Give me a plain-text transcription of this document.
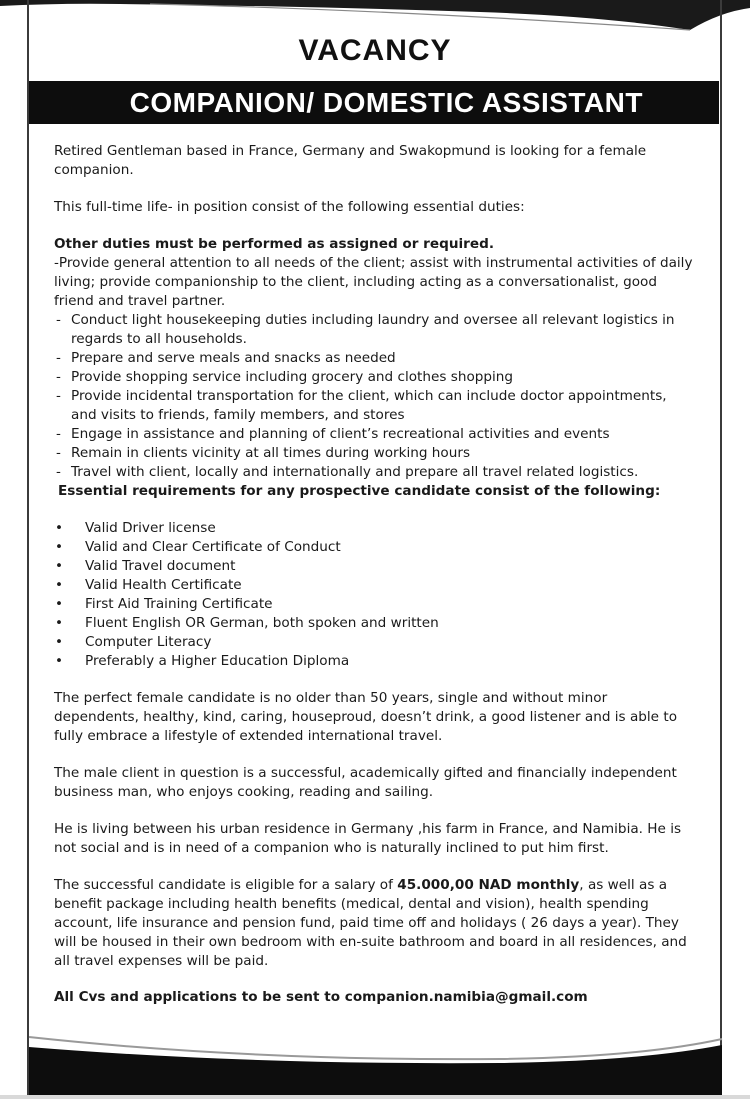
VACANCY
COMPANION/ DOMESTIC ASSISTANT

Retired Gentleman based in France, Germany and Swakopmund is looking for a female companion.

This full-time life- in position consist of the following essential duties:

Other duties must be performed as assigned or required.

-Provide general attention to all needs of the client; assist with instrumental activities of daily living; provide companionship to the client, including acting as a conversationalist, good friend and travel partner.

- Conduct light housekeeping duties including laundry and oversee all relevant logistics in regards to all households.
- Prepare and serve meals and snacks as needed
- Provide shopping service including grocery and clothes shopping
- Provide incidental transportation for the client, which can include doctor appointments, and visits to friends, family members, and stores
- Engage in assistance and planning of client’s recreational activities and events
- Remain in clients vicinity at all times during working hours
- Travel with client, locally and internationally and prepare all travel related logistics.

Essential requirements for any prospective candidate consist of the following:

• Valid Driver license
• Valid and Clear Certificate of Conduct
• Valid Travel document
• Valid Health Certificate
• First Aid Training Certificate
• Fluent English OR German, both spoken and written
• Computer Literacy
• Preferably a Higher Education Diploma

The perfect female candidate is no older than 50 years, single and without minor dependents, healthy, kind, caring, houseproud, doesn’t drink, a good listener and is able to fully embrace a lifestyle of extended international travel.

The male client in question is a successful, academically gifted and financially independent business man, who enjoys cooking, reading and sailing.

He is living between his urban residence in Germany ,his farm in France, and Namibia. He is not social and is in need of a companion who is naturally inclined to put him first.

The successful candidate is eligible for a salary of 45.000,00 NAD monthly, as well as a benefit package including health benefits (medical, dental and vision), health spending account, life insurance and pension fund, paid time off and holidays ( 26 days a year). They will be housed in their own bedroom with en-suite bathroom and board in all residences, and all travel expenses will be paid.

All Cvs and applications to be sent to companion.namibia@gmail.com
